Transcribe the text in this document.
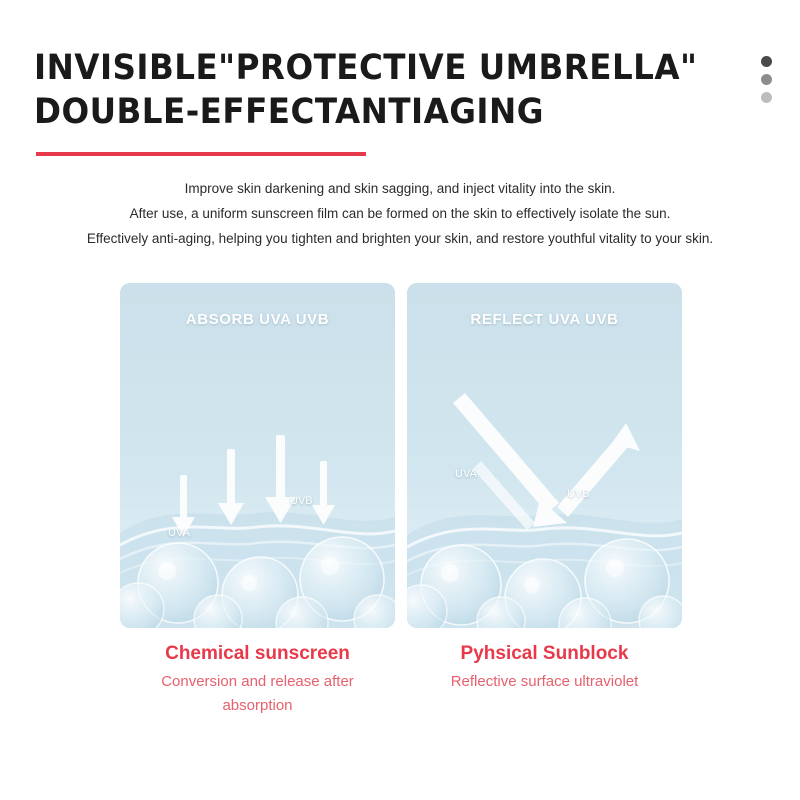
INVISIBLE"PROTECTIVE UMBRELLA"
DOUBLE-EFFECTANTIAGING

Improve skin darkening and skin sagging, and inject vitality into the skin.

After use, a uniform sunscreen film can be formed on the skin to effectively isolate the sun.

Effectively anti-aging, helping you tighten and brighten your skin, and restore youthful vitality to your skin.

ABSORB UVA UVB
UVB
UVA
Chemical sunscreen
Conversion and release after absorption
REFLECT UVA UVB
UVA
UVB
Pyhsical Sunblock
Reflective surface ultraviolet
